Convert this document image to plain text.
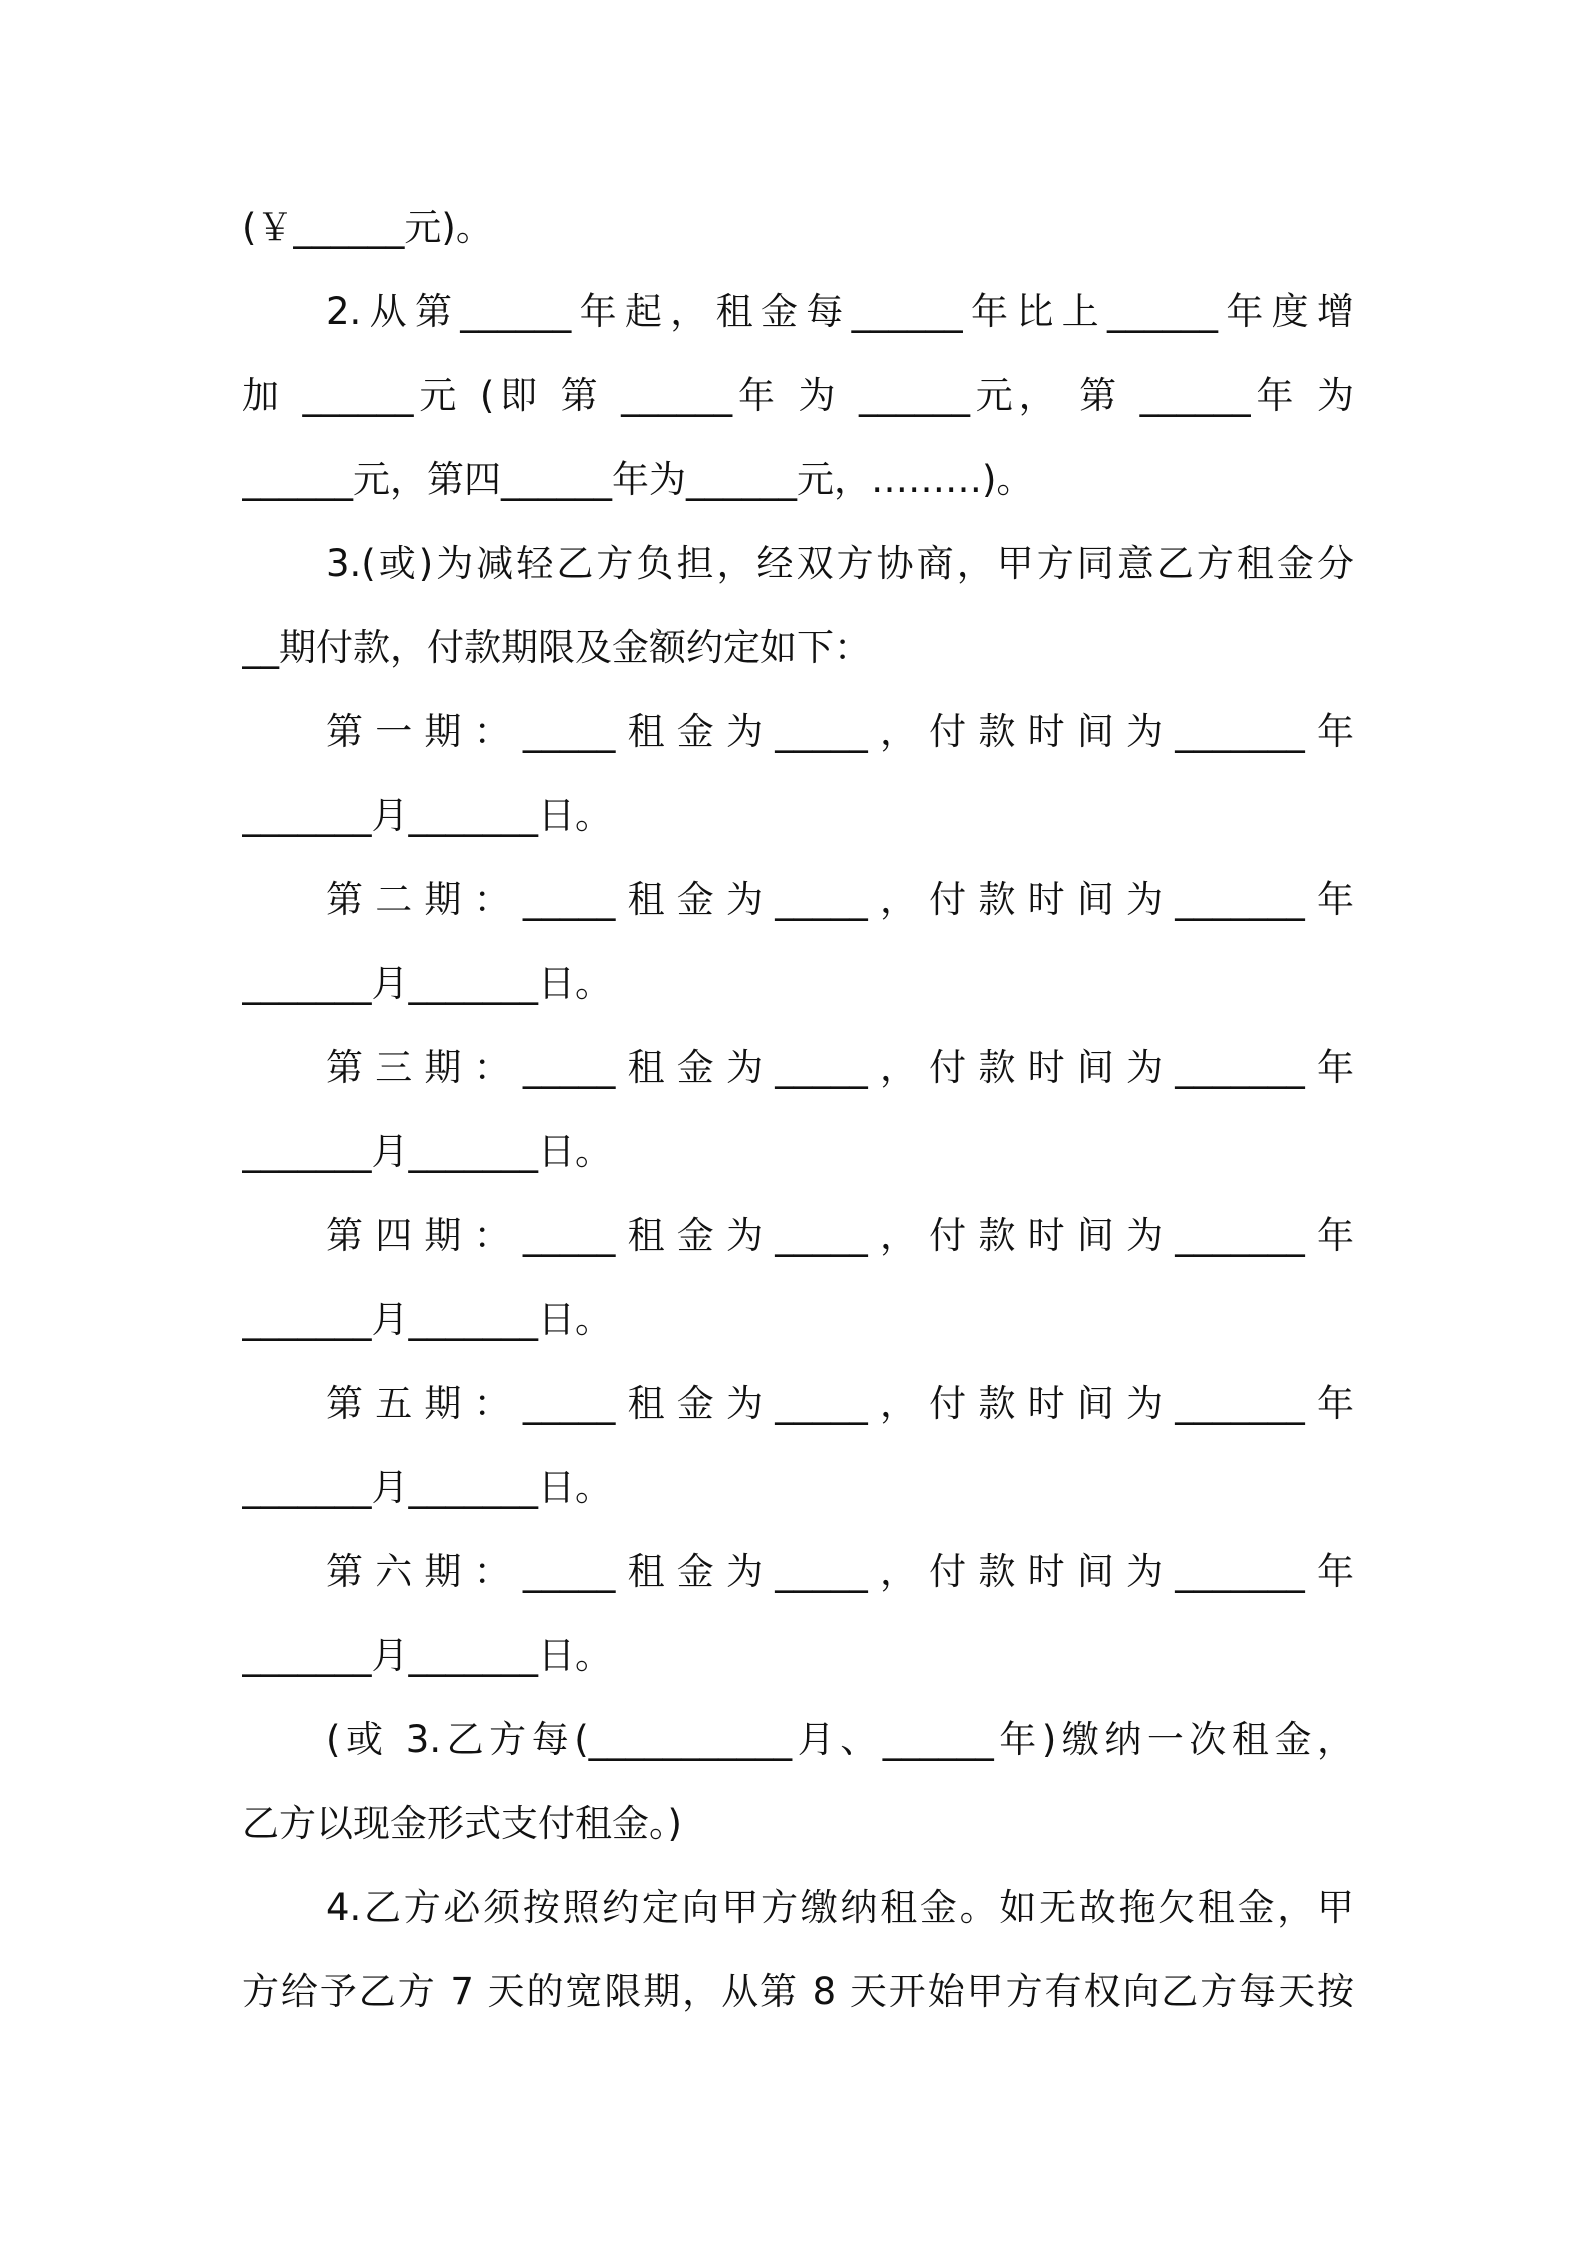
(￥______元)。
2.从第______年起，租金每______年比上______年度增
加 ______元 (即 第 ______年 为 ______元， 第 ______年 为
______元，第四______年为______元，………)。
3.(或)为减轻乙方负担，经双方协商，甲方同意乙方租金分
__期付款，付款期限及金额约定如下：
第一期：_____租金为_____，付款时间为_______年
_______月_______日。
第二期：_____租金为_____，付款时间为_______年
_______月_______日。
第三期：_____租金为_____，付款时间为_______年
_______月_______日。
第四期：_____租金为_____，付款时间为_______年
_______月_______日。
第五期：_____租金为_____，付款时间为_______年
_______月_______日。
第六期：_____租金为_____，付款时间为_______年
_______月_______日。
(或 3.乙方每(___________月、______年)缴纳一次租金，
乙方以现金形式支付租金。)
4.乙方必须按照约定向甲方缴纳租金。如无故拖欠租金，甲
方给予乙方 7 天的宽限期，从第 8 天开始甲方有权向乙方每天按
